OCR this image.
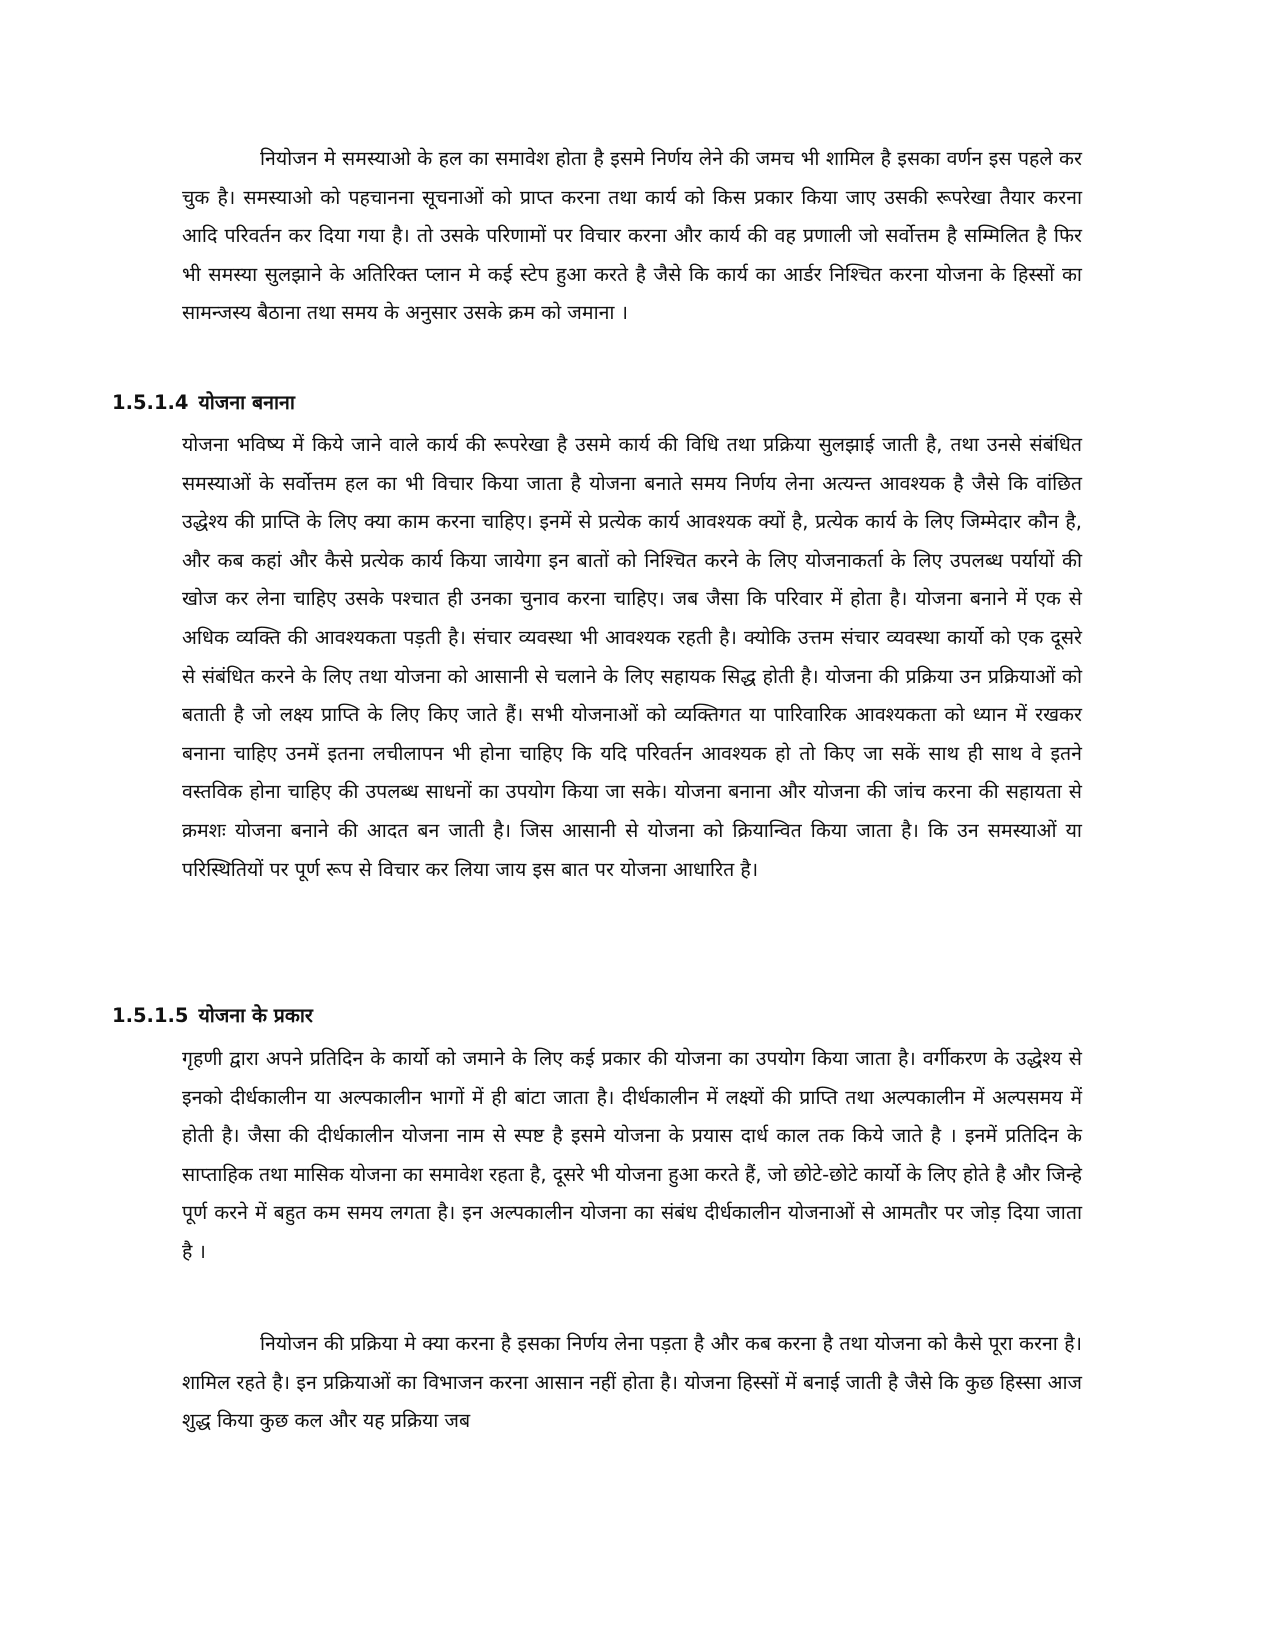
नियोजन मे समस्याओ के हल का समावेश होता है इसमे निर्णय लेने की जमच भी शामिल है इसका वर्णन इस पहले कर चुक है। समस्याओ को पहचानना सूचनाओं को प्राप्त करना तथा कार्य को किस प्रकार किया जाए उसकी रूपरेखा तैयार करना आदि परिवर्तन कर दिया गया है। तो उसके परिणामों पर विचार करना और कार्य की वह प्रणाली जो सर्वोत्तम है सम्मिलित है फिर भी समस्या सुलझाने के अतिरिक्त प्लान मे कई स्टेप हुआ करते है जैसे कि कार्य का आर्डर निश्चित करना योजना के हिस्सों का सामन्जस्य बैठाना तथा समय के अनुसार उसके क्रम को जमाना ।

1.5.1.4 योजना बनाना

योजना भविष्य में किये जाने वाले कार्य की रूपरेखा है उसमे कार्य की विधि तथा प्रक्रिया सुलझाई जाती है, तथा उनसे संबंधित समस्याओं के सर्वोत्तम हल का भी विचार किया जाता है योजना बनाते समय निर्णय लेना अत्यन्त आवश्यक है जैसे कि वांछित उद्धेश्य की प्राप्ति के लिए क्या काम करना चाहिए। इनमें से प्रत्येक कार्य आवश्यक क्यों है, प्रत्येक कार्य के लिए जिम्मेदार कौन है, और कब कहां और कैसे प्रत्येक कार्य किया जायेगा इन बातों को निश्चित करने के लिए योजनाकर्ता के लिए उपलब्ध पर्यायों की खोज कर लेना चाहिए उसके पश्चात ही उनका चुनाव करना चाहिए। जब जैसा कि परिवार में होता है। योजना बनाने में एक से अधिक व्यक्ति की आवश्यकता पड़ती है। संचार व्यवस्था भी आवश्यक रहती है। क्योकि उत्तम संचार व्यवस्था कार्यो को एक दूसरे से संबंधित करने के लिए तथा योजना को आसानी से चलाने के लिए सहायक सिद्ध होती है। योजना की प्रक्रिया उन प्रक्रियाओं को बताती है जो लक्ष्य प्राप्ति के लिए किए जाते हैं। सभी योजनाओं को व्यक्तिगत या पारिवारिक आवश्यकता को ध्यान में रखकर बनाना चाहिए उनमें इतना लचीलापन भी होना चाहिए कि यदि परिवर्तन आवश्यक हो तो किए जा सकें साथ ही साथ वे इतने वस्तविक होना चाहिए की उपलब्ध साधनों का उपयोग किया जा सके। योजना बनाना और योजना की जांच करना की सहायता से क्रमशः योजना बनाने की आदत बन जाती है। जिस आसानी से योजना को क्रियान्वित किया जाता है। कि उन समस्याओं या परिस्थितियों पर पूर्ण रूप से विचार कर लिया जाय इस बात पर योजना आधारित है।

1.5.1.5 योजना के प्रकार

गृहणी द्वारा अपने प्रतिदिन के कार्यो को जमाने के लिए कई प्रकार की योजना का उपयोग किया जाता है। वर्गीकरण के उद्धेश्य से इनको दीर्धकालीन या अल्पकालीन भागों में ही बांटा जाता है। दीर्धकालीन में लक्ष्यों की प्राप्ति तथा अल्पकालीन में अल्पसमय में होती है। जैसा की दीर्धकालीन योजना नाम से स्पष्ट है इसमे योजना के प्रयास दार्ध काल तक किये जाते है । इनमें प्रतिदिन के साप्ताहिक तथा मासिक योजना का समावेश रहता है, दूसरे भी योजना हुआ करते हैं, जो छोटे-छोटे कार्यो के लिए होते है और जिन्हे पूर्ण करने में बहुत कम समय लगता है। इन अल्पकालीन योजना का संबंध दीर्धकालीन योजनाओं से आमतौर पर जोड़ दिया जाता है ।

नियोजन की प्रक्रिया मे क्या करना है इसका निर्णय लेना पड़ता है और कब करना है तथा योजना को कैसे पूरा करना है। शामिल रहते है। इन प्रक्रियाओं का विभाजन करना आसान नहीं होता है। योजना हिस्सों में बनाई जाती है जैसे कि कुछ हिस्सा आज शुद्ध किया कुछ कल और यह प्रक्रिया जब
